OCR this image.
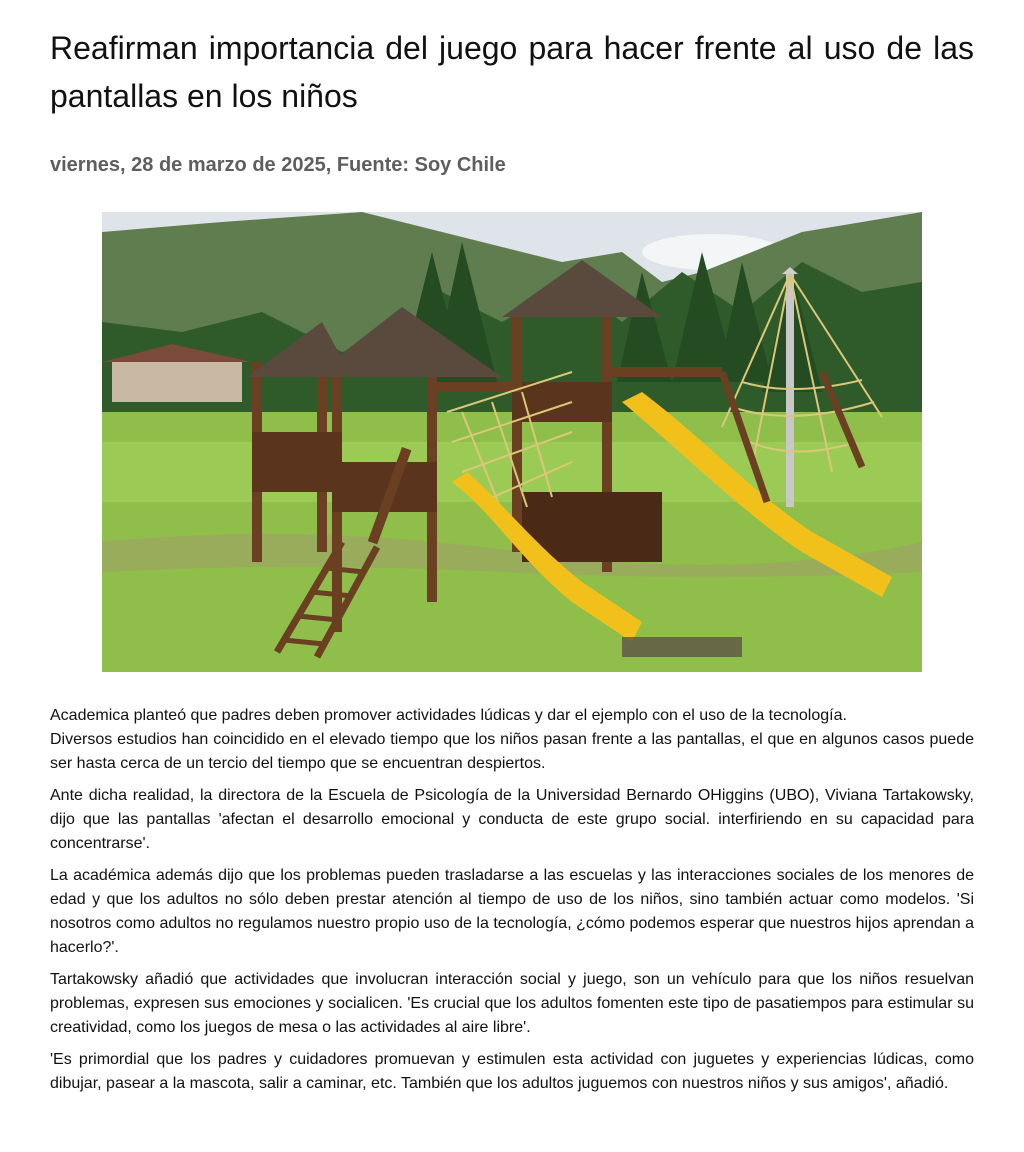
Reafirman importancia del juego para hacer frente al uso de las pantallas en los niños

viernes, 28 de marzo de 2025, Fuente: Soy Chile

Academica planteó que padres deben promover actividades lúdicas y dar el ejemplo con el uso de la tecnología.

Diversos estudios han coincidido en el elevado tiempo que los niños pasan frente a las pantallas, el que en algunos casos puede ser hasta cerca de un tercio del tiempo que se encuentran despiertos.

Ante dicha realidad, la directora de la Escuela de Psicología de la Universidad Bernardo OHiggins (UBO), Viviana Tartakowsky, dijo que las pantallas 'afectan el desarrollo emocional y conducta de este grupo social. interfiriendo en su capacidad para concentrarse'.

La académica además dijo que los problemas pueden trasladarse a las escuelas y las interacciones sociales de los menores de edad y que los adultos no sólo deben prestar atención al tiempo de uso de los niños, sino también actuar como modelos. 'Si nosotros como adultos no regulamos nuestro propio uso de la tecnología, ¿cómo podemos esperar que nuestros hijos aprendan a hacerlo?'.

Tartakowsky añadió que actividades que involucran interacción social y juego, son un vehículo para que los niños resuelvan problemas, expresen sus emociones y socialicen. 'Es crucial que los adultos fomenten este tipo de pasatiempos para estimular su creatividad, como los juegos de mesa o las actividades al aire libre'.

'Es primordial que los padres y cuidadores promuevan y estimulen esta actividad con juguetes y experiencias lúdicas, como dibujar, pasear a la mascota, salir a caminar, etc. También que los adultos juguemos con nuestros niños y sus amigos', añadió.
